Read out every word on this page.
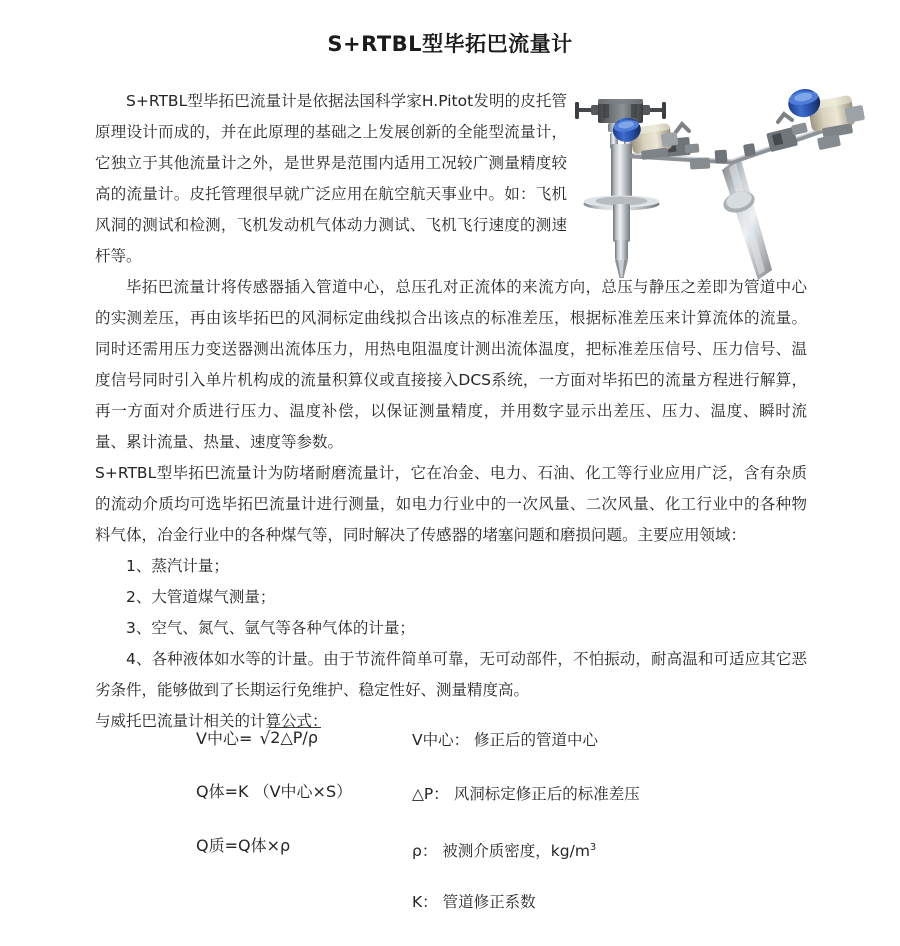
S+RTBL型毕拓巴流量计

S+RTBL型毕拓巴流量计是依据法国科学家H.Pitot发明的皮托管原理设计而成的，并在此原理的基础之上发展创新的全能型流量计，它独立于其他流量计之外，是世界是范围内适用工况较广测量精度较高的流量计。皮托管理很早就广泛应用在航空航天事业中。如：飞机风洞的测试和检测，飞机发动机气体动力测试、飞机飞行速度的测速杆等。

毕拓巴流量计将传感器插入管道中心，总压孔对正流体的来流方向，总压与静压之差即为管道中心的实测差压，再由该毕拓巴的风洞标定曲线拟合出该点的标准差压，根据标准差压来计算流体的流量。同时还需用压力变送器测出流体压力，用热电阻温度计测出流体温度，把标准差压信号、压力信号、温度信号同时引入单片机构成的流量积算仪或直接接入DCS系统，一方面对毕拓巴的流量方程进行解算，再一方面对介质进行压力、温度补偿，以保证测量精度，并用数字显示出差压、压力、温度、瞬时流量、累计流量、热量、速度等参数。

S+RTBL型毕拓巴流量计为防堵耐磨流量计，它在冶金、电力、石油、化工等行业应用广泛，含有杂质的流动介质均可选毕拓巴流量计进行测量，如电力行业中的一次风量、二次风量、化工行业中的各种物料气体，冶金行业中的各种煤气等，同时解决了传感器的堵塞问题和磨损问题。主要应用领域：

1、蒸汽计量；

2、大管道煤气测量；

3、空气、氮气、氩气等各种气体的计量；

4、各种液体如水等的计量。由于节流件简单可靠，无可动部件，不怕振动，耐高温和可适应其它恶劣条件，能够做到了长期运行免维护、稳定性好、测量精度高。

与威托巴流量计相关的计算公式：

V中心= √2△P/ρ
Q体=K （V中心×S）
Q质=Q体×ρ
V中心： 修正后的管道中心
△P： 风洞标定修正后的标准差压
ρ： 被测介质密度，$kg/m^3$
K： 管道修正系数
